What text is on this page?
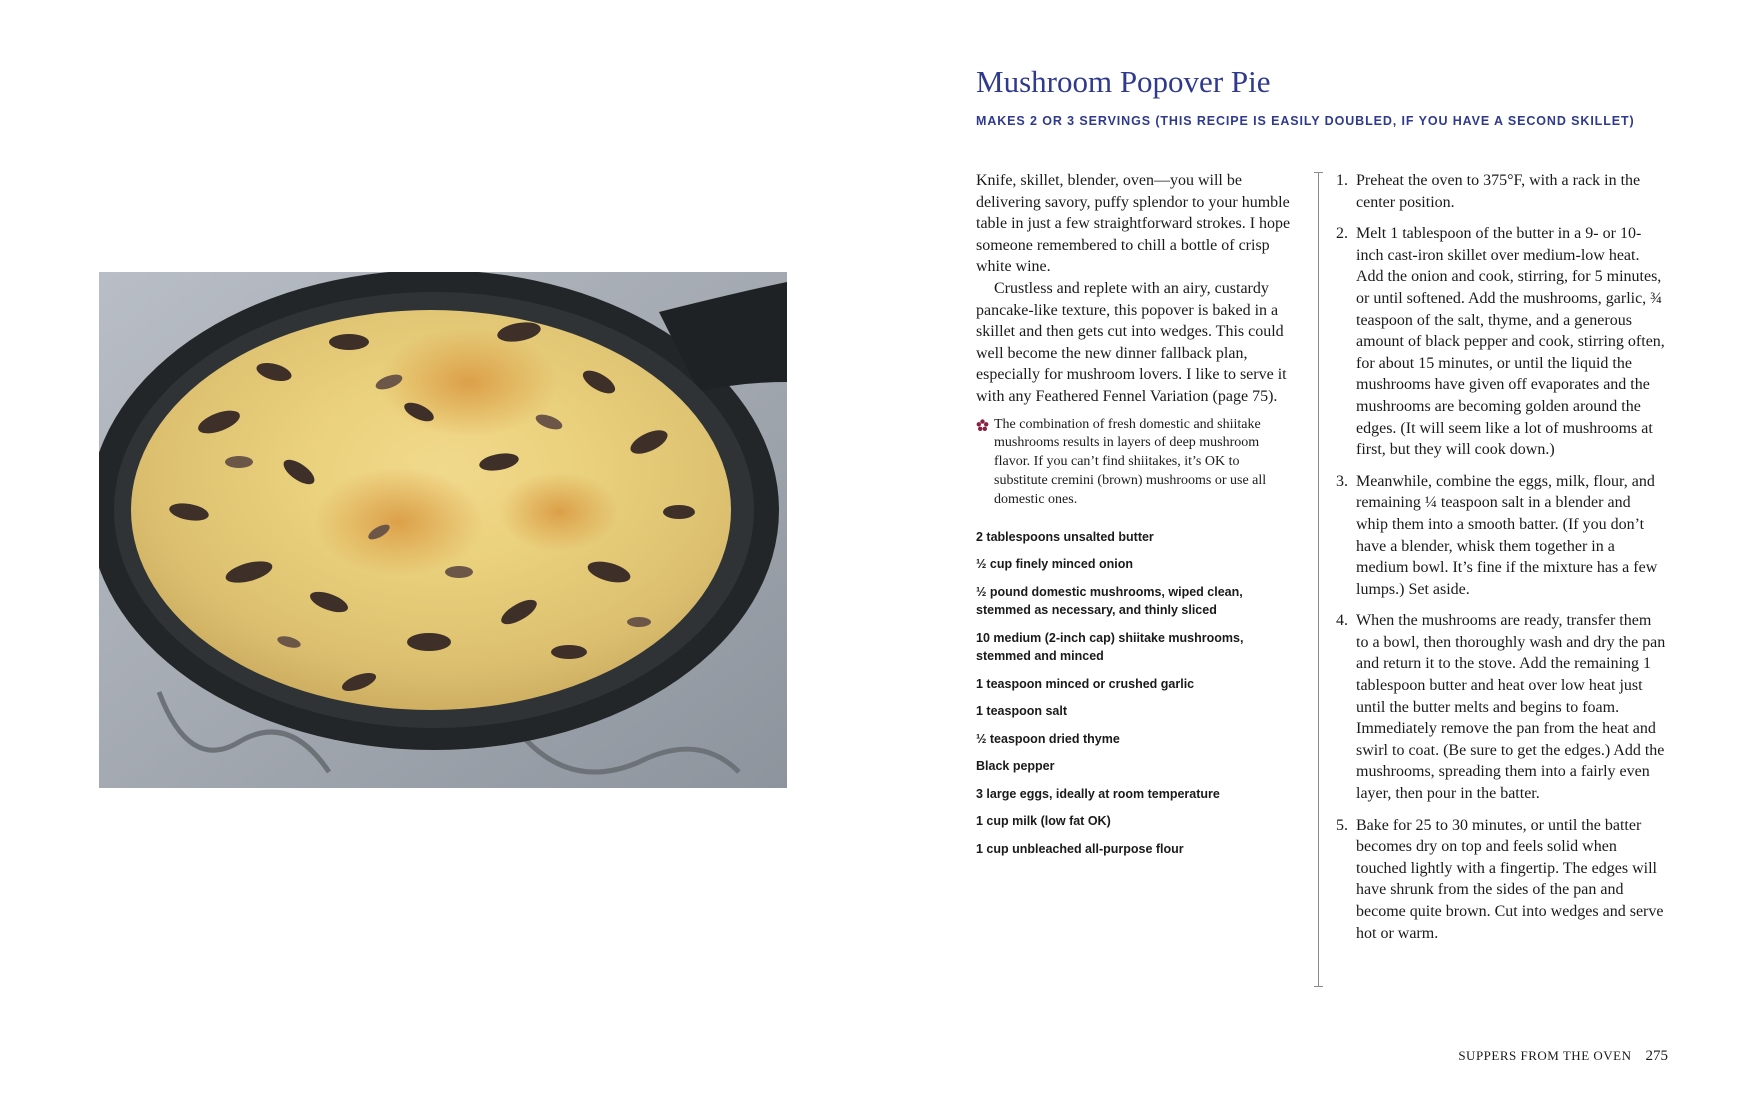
Mushroom Popover Pie
MAKES 2 OR 3 SERVINGS (THIS RECIPE IS EASILY DOUBLED, IF YOU HAVE A SECOND SKILLET)

Knife, skillet, blender, oven—you will be delivering savory, puffy splendor to your humble table in just a few straightforward strokes. I hope someone remembered to chill a bottle of crisp white wine.

Crustless and replete with an airy, custardy pancake-like texture, this popover is baked in a skillet and then gets cut into wedges. This could well become the new dinner fallback plan, especially for mushroom lovers. I like to serve it with any Feathered Fennel Variation (page 75).

The combination of fresh domestic and shiitake mushrooms results in layers of deep mushroom flavor. If you can’t find shiitakes, it’s OK to substitute cremini (brown) mushrooms or use all domestic ones.
2 tablespoons unsalted butter
½ cup finely minced onion
½ pound domestic mushrooms, wiped clean, stemmed as necessary, and thinly sliced
10 medium (2-inch cap) shiitake mushrooms, stemmed and minced
1 teaspoon minced or crushed garlic
1 teaspoon salt
½ teaspoon dried thyme
Black pepper
3 large eggs, ideally at room temperature
1 cup milk (low fat OK)
1 cup unbleached all-purpose flour
1. Preheat the oven to 375°F, with a rack in the center position.
2. Melt 1 tablespoon of the butter in a 9- or 10-inch cast-iron skillet over medium-low heat. Add the onion and cook, stirring, for 5 minutes, or until softened. Add the mushrooms, garlic, ¾ teaspoon of the salt, thyme, and a generous amount of black pepper and cook, stirring often, for about 15 minutes, or until the liquid the mushrooms have given off evaporates and the mushrooms are becoming golden around the edges. (It will seem like a lot of mushrooms at first, but they will cook down.)
3. Meanwhile, combine the eggs, milk, flour, and remaining ¼ teaspoon salt in a blender and whip them into a smooth batter. (If you don’t have a blender, whisk them together in a medium bowl. It’s fine if the mixture has a few lumps.) Set aside.
4. When the mushrooms are ready, transfer them to a bowl, then thoroughly wash and dry the pan and return it to the stove. Add the remaining 1 tablespoon butter and heat over low heat just until the butter melts and begins to foam. Immediately remove the pan from the heat and swirl to coat. (Be sure to get the edges.) Add the mushrooms, spreading them into a fairly even layer, then pour in the batter.
5. Bake for 25 to 30 minutes, or until the batter becomes dry on top and feels solid when touched lightly with a fingertip. The edges will have shrunk from the sides of the pan and become quite brown. Cut into wedges and serve hot or warm.
SUPPERS FROM THE OVEN 275
